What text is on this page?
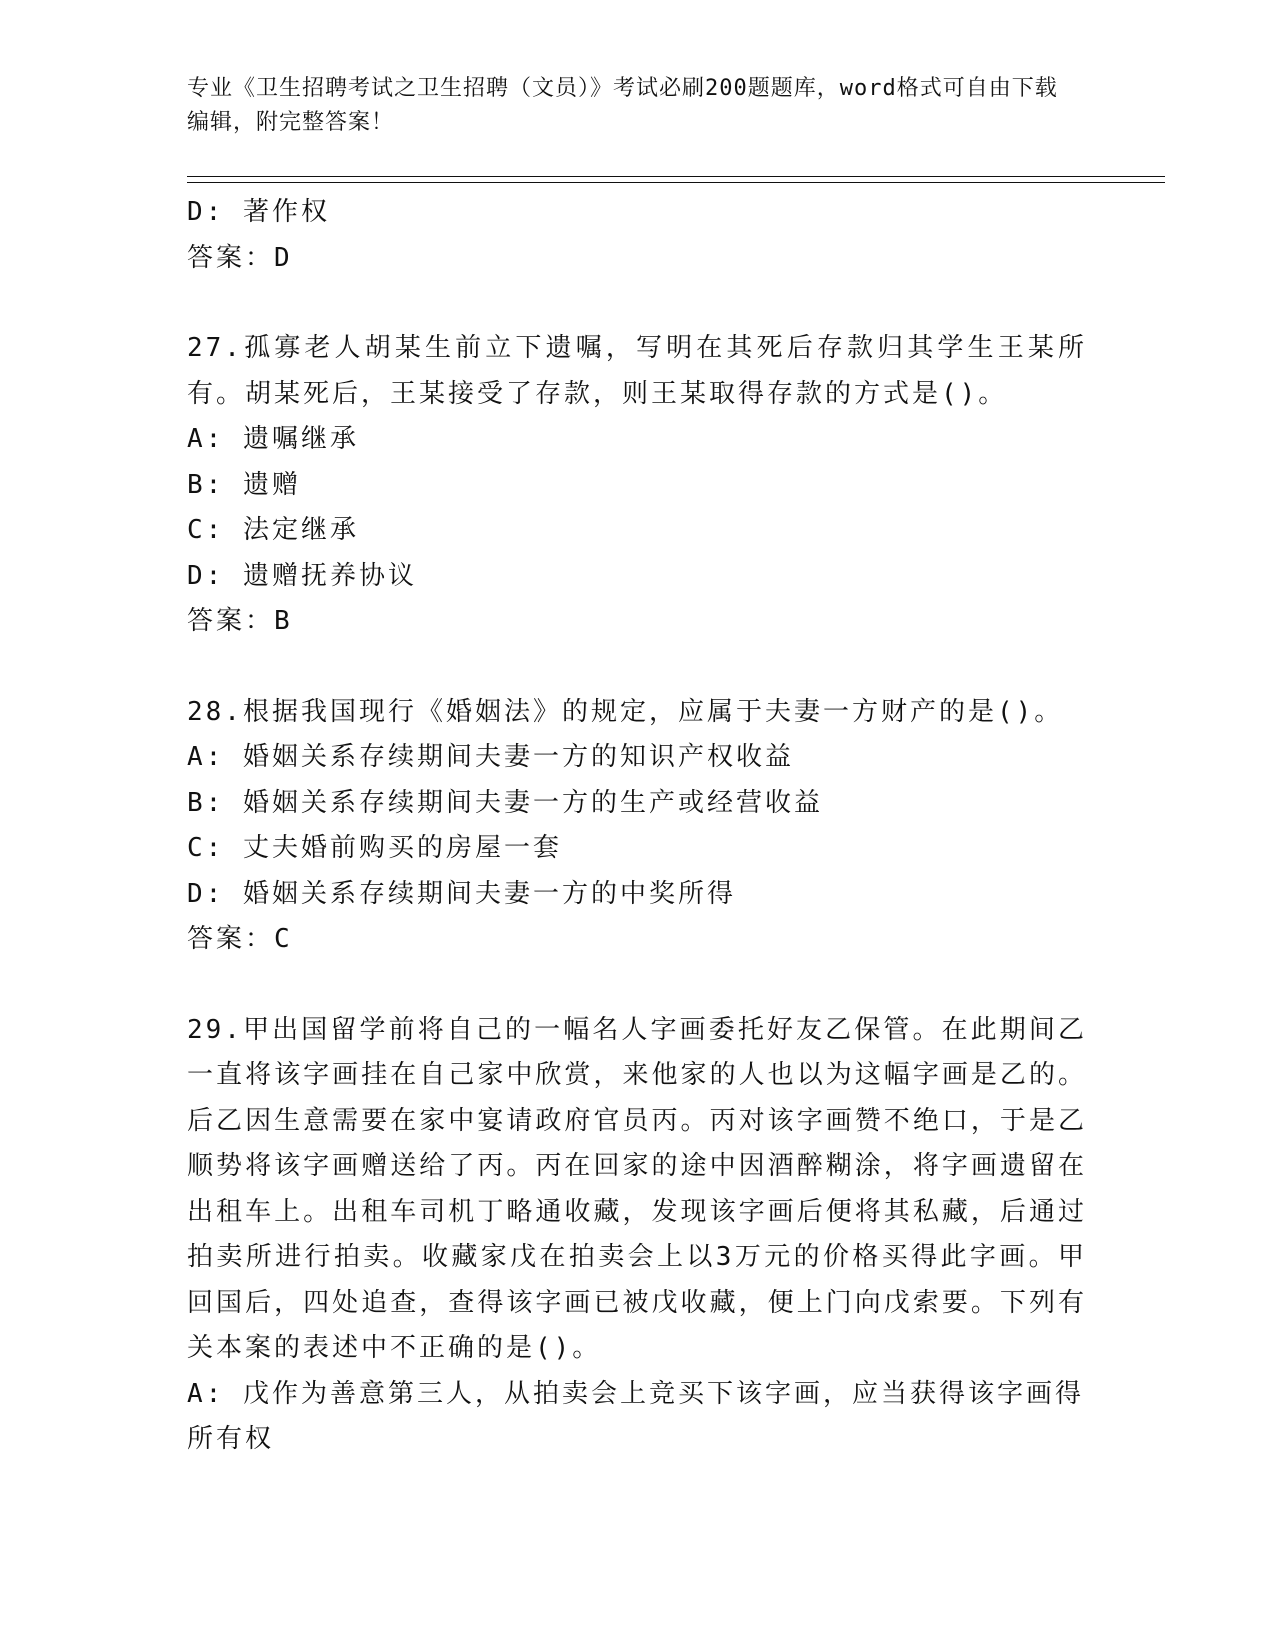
专业《卫生招聘考试之卫生招聘（文员）》考试必刷200题题库，word格式可自由下载编辑，附完整答案！

D: 著作权

答案：D

27.孤寡老人胡某生前立下遗嘱，写明在其死后存款归其学生王某所有。胡某死后，王某接受了存款，则王某取得存款的方式是()。

A: 遗嘱继承

B: 遗赠

C: 法定继承

D: 遗赠抚养协议

答案：B

28.根据我国现行《婚姻法》的规定，应属于夫妻一方财产的是()。

A: 婚姻关系存续期间夫妻一方的知识产权收益

B: 婚姻关系存续期间夫妻一方的生产或经营收益

C: 丈夫婚前购买的房屋一套

D: 婚姻关系存续期间夫妻一方的中奖所得

答案：C

29.甲出国留学前将自己的一幅名人字画委托好友乙保管。在此期间乙一直将该字画挂在自己家中欣赏，来他家的人也以为这幅字画是乙的。后乙因生意需要在家中宴请政府官员丙。丙对该字画赞不绝口，于是乙顺势将该字画赠送给了丙。丙在回家的途中因酒醉糊涂，将字画遗留在出租车上。出租车司机丁略通收藏，发现该字画后便将其私藏，后通过拍卖所进行拍卖。收藏家戊在拍卖会上以3万元的价格买得此字画。甲回国后，四处追查，查得该字画已被戊收藏，便上门向戊索要。下列有关本案的表述中不正确的是()。

A: 戊作为善意第三人，从拍卖会上竞买下该字画，应当获得该字画得所有权
